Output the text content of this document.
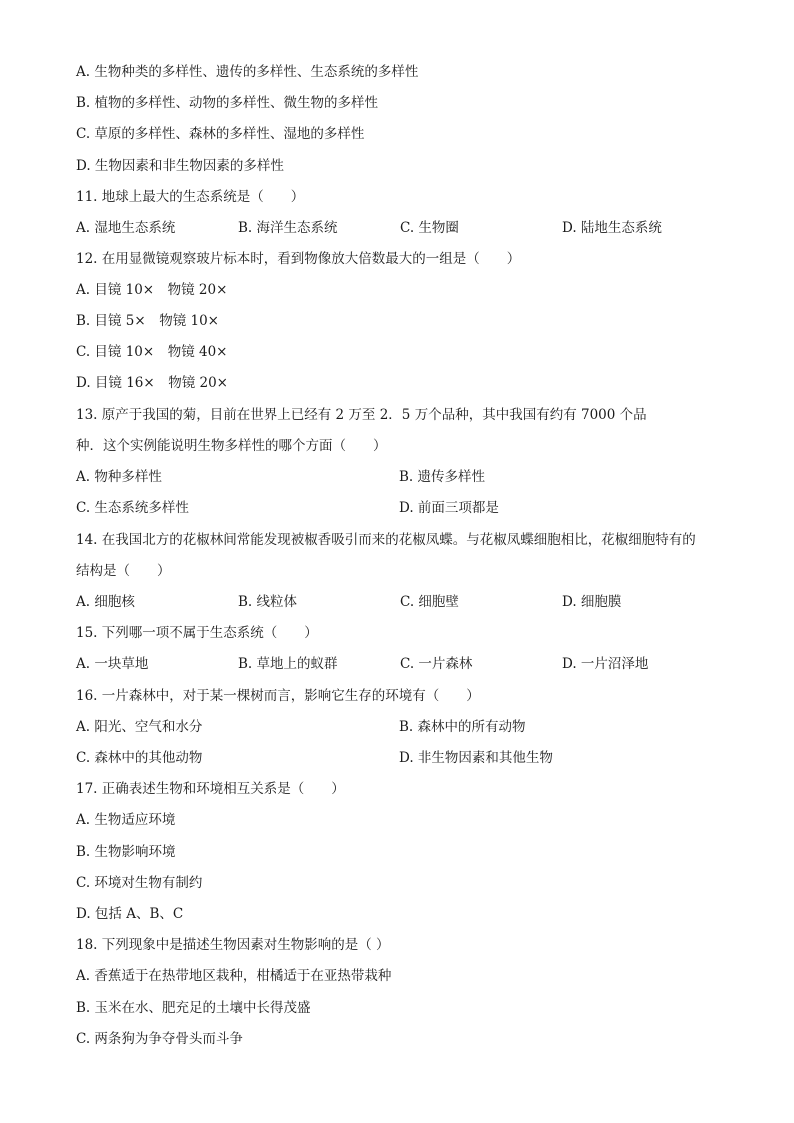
A. 生物种类的多样性、遗传的多样性、生态系统的多样性
B. 植物的多样性、动物的多样性、微生物的多样性
C. 草原的多样性、森林的多样性、湿地的多样性
D. 生物因素和非生物因素的多样性
11. 地球上最大的生态系统是（　　）
A. 湿地生态系统	B. 海洋生态系统	C. 生物圈	D. 陆地生态系统
12. 在用显微镜观察玻片标本时，看到物像放大倍数最大的一组是（　　）
A. 目镜 10×　物镜 20×
B. 目镜 5×　物镜 10×
C. 目镜 10×　物镜 40×
D. 目镜 16×　物镜 20×
13. 原产于我国的菊，目前在世界上已经有 2 万至 2．5 万个品种，其中我国有约有 7000 个品
种．这个实例能说明生物多样性的哪个方面（　　）
A. 物种多样性	B. 遗传多样性
C. 生态系统多样性	D. 前面三项都是
14. 在我国北方的花椒林间常能发现被椒香吸引而来的花椒凤蝶。与花椒凤蝶细胞相比，花椒细胞特有的
结构是（　　）
A. 细胞核	B. 线粒体	C. 细胞壁	D. 细胞膜
15. 下列哪一项不属于生态系统（　　）
A. 一块草地	B. 草地上的蚁群	C. 一片森林	D. 一片沼泽地
16. 一片森林中，对于某一棵树而言，影响它生存的环境有（　　）
A. 阳光、空气和水分	B. 森林中的所有动物
C. 森林中的其他动物	D. 非生物因素和其他生物
17. 正确表述生物和环境相互关系是（　　）
A. 生物适应环境
B. 生物影响环境
C. 环境对生物有制约
D. 包括 A、B、C
18. 下列现象中是描述生物因素对生物影响的是（ ）
A. 香蕉适于在热带地区栽种，柑橘适于在亚热带栽种
B. 玉米在水、肥充足的土壤中长得茂盛
C. 两条狗为争夺骨头而斗争
